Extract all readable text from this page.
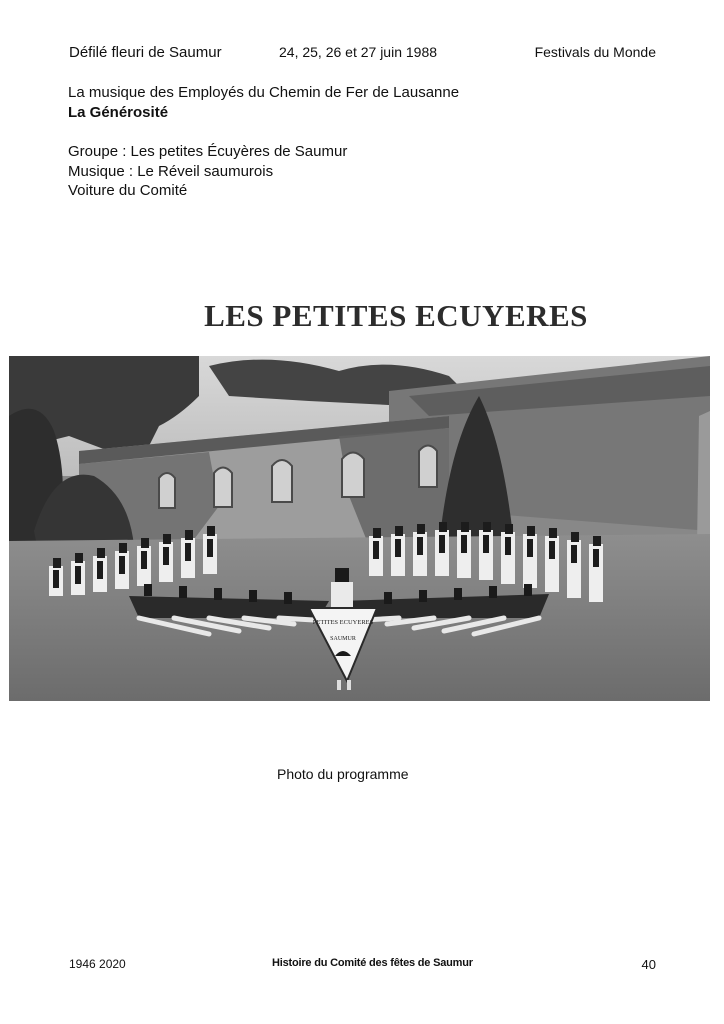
Défilé fleuri de Saumur	24, 25, 26 et 27 juin 1988	Festivals du Monde
La musique des Employés du Chemin de Fer de Lausanne
La Générosité
Groupe : Les petites Écuyères de Saumur
Musique : Le Réveil saumurois
Voiture du Comité
LES PETITES ECUYERES
PETITES ECUYERES
SAUMUR
Photo du programme
1946 2020	Histoire du Comité des fêtes de Saumur	40
